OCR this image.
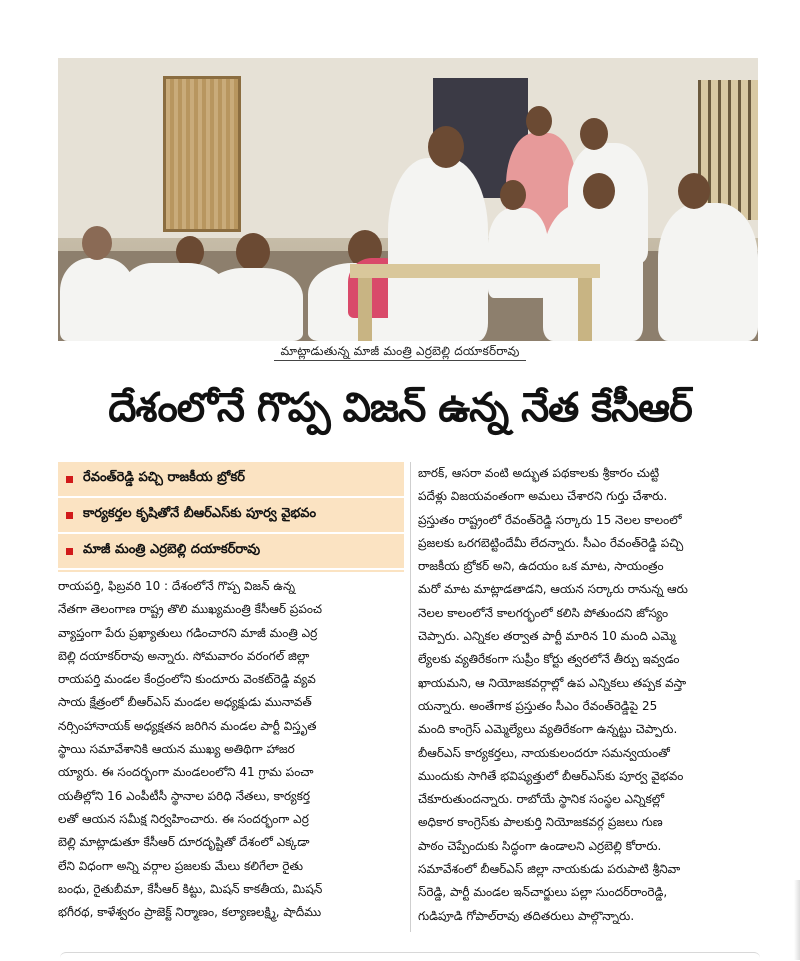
మాట్లాడుతున్న మాజీ మంత్రి ఎర్రబెల్లి దయాకర్‌రావు
దేశంలోనే గొప్ప విజన్ ఉన్న నేత కేసీఆర్
రేవంత్‌రెడ్డి పచ్చి రాజకీయ బ్రోకర్
కార్యకర్తల కృషితోనే బీఆర్ఎస్‌కు పూర్వ వైభవం
మాజీ మంత్రి ఎర్రబెల్లి దయాకర్‌రావు
రాయపర్తి, ఫిబ్రవరి 10 : దేశంలోనే గొప్ప విజన్ ఉన్న
నేతగా తెలంగాణ రాష్ట్ర తొలి ముఖ్యమంత్రి కేసీఆర్ ప్రపంచ
వ్యాప్తంగా పేరు ప్రఖ్యాతులు గడించారని మాజీ మంత్రి ఎర్ర
బెల్లి దయాకర్‌రావు అన్నారు. సోమవారం వరంగల్ జిల్లా
రాయపర్తి మండల కేంద్రంలోని కుందూరు వెంకట్‌రెడ్డి వ్యవ
సాయ క్షేత్రంలో బీఆర్ఎస్ మండల అధ్యక్షుడు మునావత్
నర్సింహానాయక్ అధ్యక్షతన జరిగిన మండల పార్టీ విస్తృత
స్థాయి సమావేశానికి ఆయన ముఖ్య అతిథిగా హాజర
య్యారు. ఈ సందర్భంగా మండలంలోని 41 గ్రామ పంచా
యతీల్లోని 16 ఎంపీటీసీ స్థానాల పరిధి నేతలు, కార్యకర్త
లతో ఆయన సమీక్ష నిర్వహించారు. ఈ సందర్భంగా ఎర్ర
బెల్లి మాట్లాడుతూ కేసీఆర్ దూరదృష్టితో దేశంలో ఎక్కడా
లేని విధంగా అన్ని వర్గాల ప్రజలకు మేలు కలిగేలా రైతు
బంధు, రైతుబీమా, కేసీఆర్ కిట్టు, మిషన్ కాకతీయ, మిషన్
భగీరథ, కాళేశ్వరం ప్రాజెక్ట్ నిర్మాణం, కల్యాణలక్ష్మి, షాదీము
బారక్, ఆసరా వంటి అద్భుత పథకాలకు శ్రీకారం చుట్టి
పదేళ్లు విజయవంతంగా అమలు చేశారని గుర్తు చేశారు.
ప్రస్తుతం రాష్ట్రంలో రేవంత్‌రెడ్డి సర్కారు 15 నెలల కాలంలో
ప్రజలకు ఒరగబెట్టిందేమీ లేదన్నారు. సీఎం రేవంత్‌రెడ్డి పచ్చి
రాజకీయ బ్రోకర్ అని, ఉదయం ఒక మాట, సాయంత్రం
మరో మాట మాట్లాడతాడని, ఆయన సర్కారు రానున్న ఆరు
నెలల కాలంలోనే కాలగర్భంలో కలిసి పోతుందని జోస్యం
చెప్పారు. ఎన్నికల తర్వాత పార్టీ మారిన 10 మంది ఎమ్మె
ల్యేలకు వ్యతిరేకంగా సుప్రీం కోర్టు త్వరలోనే తీర్పు ఇవ్వడం
ఖాయమని, ఆ నియోజకవర్గాల్లో ఉప ఎన్నికలు తప్పక వస్తా
యన్నారు. అంతేగాక ప్రస్తుతం సీఎం రేవంత్‌రెడ్డిపై 25
మంది కాంగ్రెస్ ఎమ్మెల్యేలు వ్యతిరేకంగా ఉన్నట్టు చెప్పారు.
బీఆర్ఎస్ కార్యకర్తలు, నాయకులందరూ సమన్వయంతో
ముందుకు సాగితే భవిష్యత్తులో బీఆర్ఎస్‌కు పూర్వ వైభవం
చేకూరుతుందన్నారు. రాబోయే స్థానిక సంస్థల ఎన్నికల్లో
అధికార కాంగ్రెస్‌కు పాలకుర్తి నియోజకవర్గ ప్రజలు గుణ
పాఠం చెప్పేందుకు సిద్ధంగా ఉండాలని ఎర్రబెల్లి కోరారు.
సమావేశంలో బీఆర్ఎస్ జిల్లా నాయకుడు పరుపాటి శ్రీనివా
స్‌రెడ్డి, పార్టీ మండల ఇన్‌చార్జులు పల్లా సుందర్‌రాంరెడ్డి,
గుడిపూడి గోపాల్‌రావు తదితరులు పాల్గొన్నారు.
